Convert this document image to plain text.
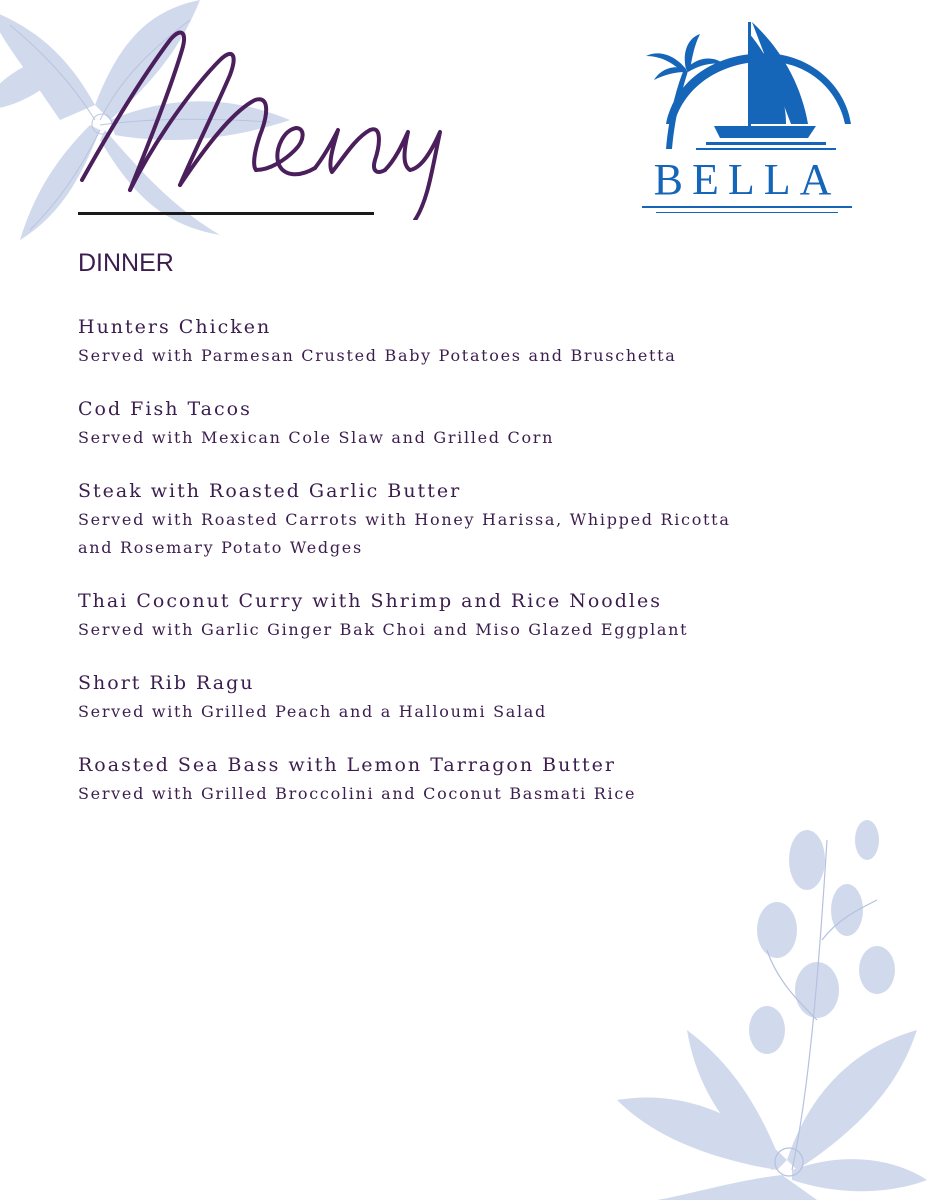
BELLA
DINNER
Hunters Chicken
Served with Parmesan Crusted Baby Potatoes and Bruschetta
Cod Fish Tacos
Served with Mexican Cole Slaw and Grilled Corn
Steak with Roasted Garlic Butter
Served with Roasted Carrots with Honey Harissa, Whipped Ricotta and Rosemary Potato Wedges
Thai Coconut Curry with Shrimp and Rice Noodles
Served with Garlic Ginger Bak Choi and Miso Glazed Eggplant
Short Rib Ragu
Served with Grilled Peach and a Halloumi Salad
Roasted Sea Bass with Lemon Tarragon Butter
Served with Grilled Broccolini and Coconut Basmati Rice
